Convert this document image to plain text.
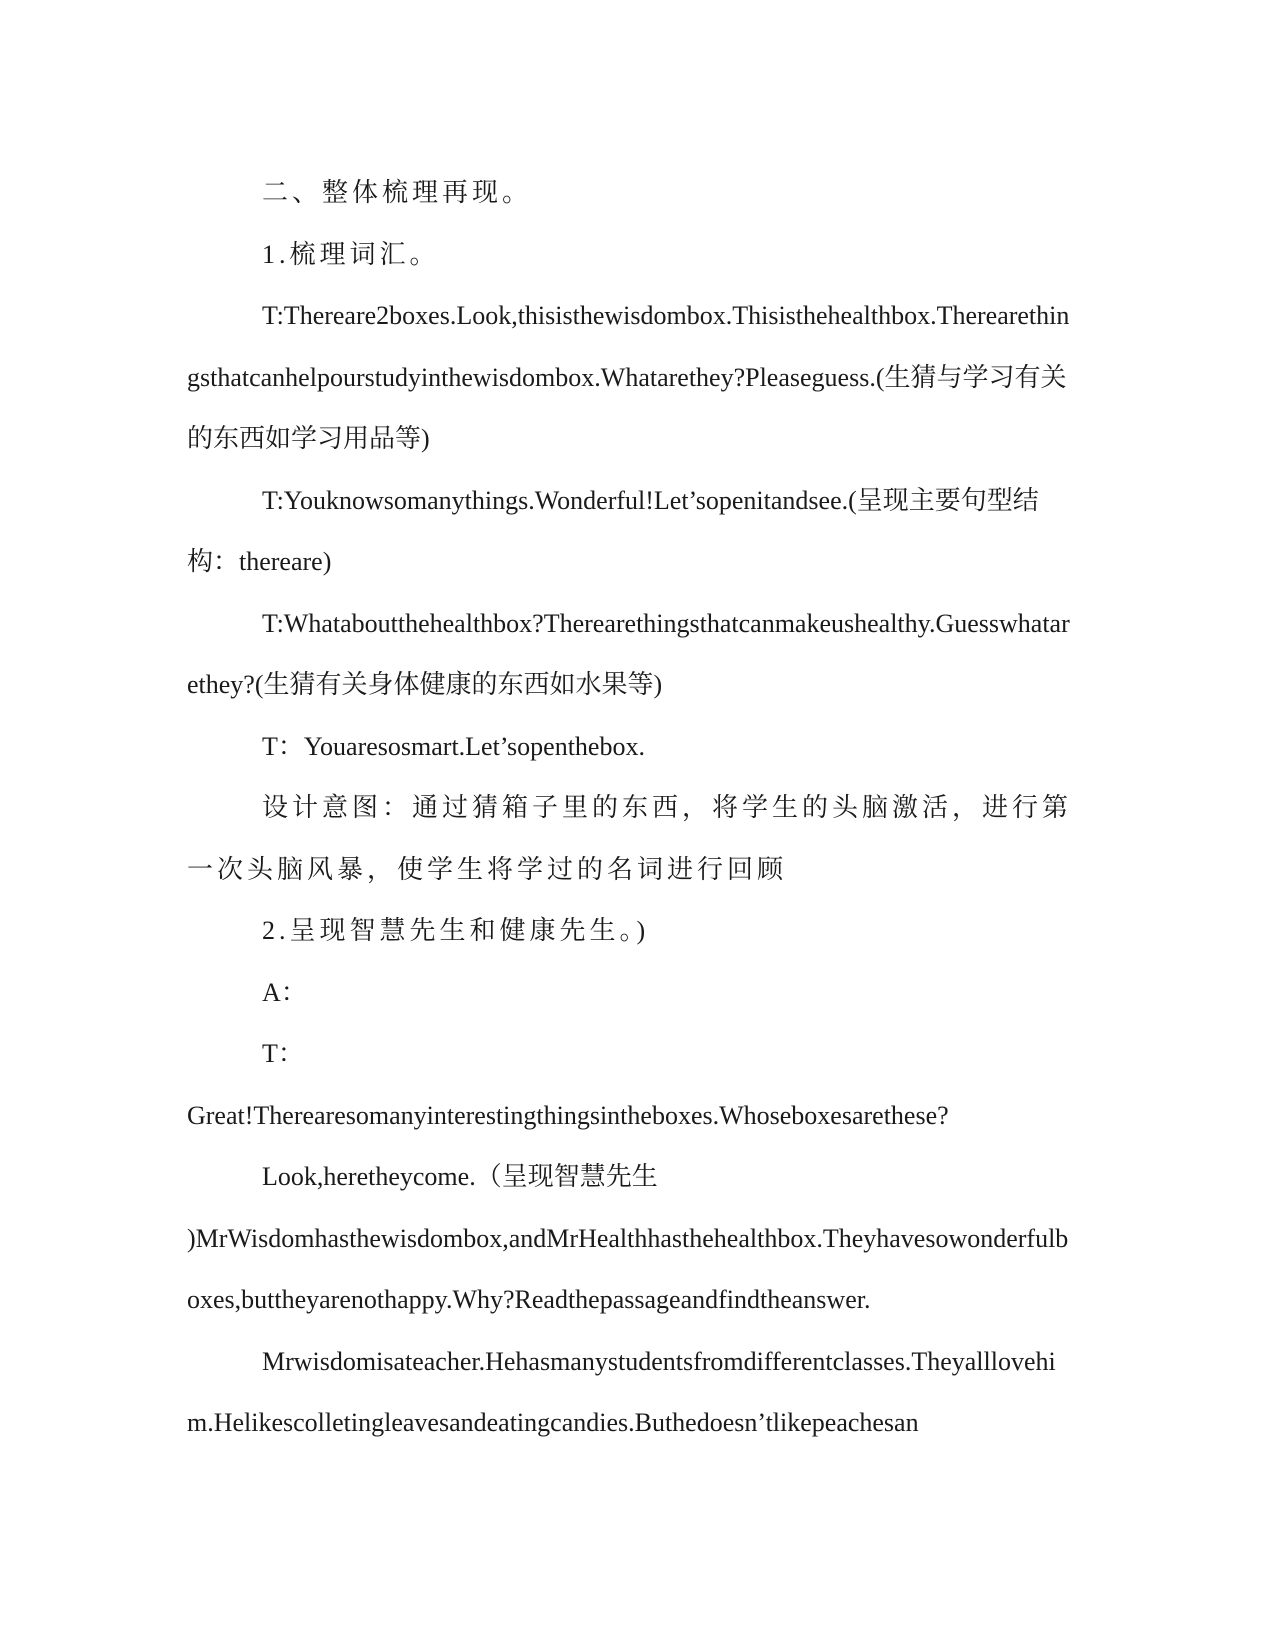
二、整体梳理再现。

1.梳理词汇。

T:Thereare2boxes.Look,thisisthewisdombox.Thisisthehealthbox.Therearethingsthatcanhelpourstudyinthewisdombox.Whatarethey?Pleaseguess.(生猜与学习有关的东西如学习用品等)

T:Youknowsomanythings.Wonderful!Let’sopenitandsee.(呈现主要句型结构：thereare)

T:Whataboutthehealthbox?Therearethingsthatcanmakeushealthy.Guesswhatarethey?(生猜有关身体健康的东西如水果等)

T：Youaresosmart.Let’sopenthebox.

设计意图：通过猜箱子里的东西，将学生的头脑激活，进行第一次头脑风暴，使学生将学过的名词进行回顾

2.呈现智慧先生和健康先生。)

A：

T：

Great!Therearesomanyinterestingthingsintheboxes.Whoseboxesarethese?

Look,heretheycome.（呈现智慧先生

)MrWisdomhasthewisdombox,andMrHealthhasthehealthbox.Theyhavesowonderfulboxes,buttheyarenothappy.Why?Readthepassageandfindtheanswer.

Mrwisdomisateacher.Hehasmanystudentsfromdifferentclasses.Theyalllovehim.Helikescolletingleavesandeatingcandies.Buthedoesn’tlikepeachesan
